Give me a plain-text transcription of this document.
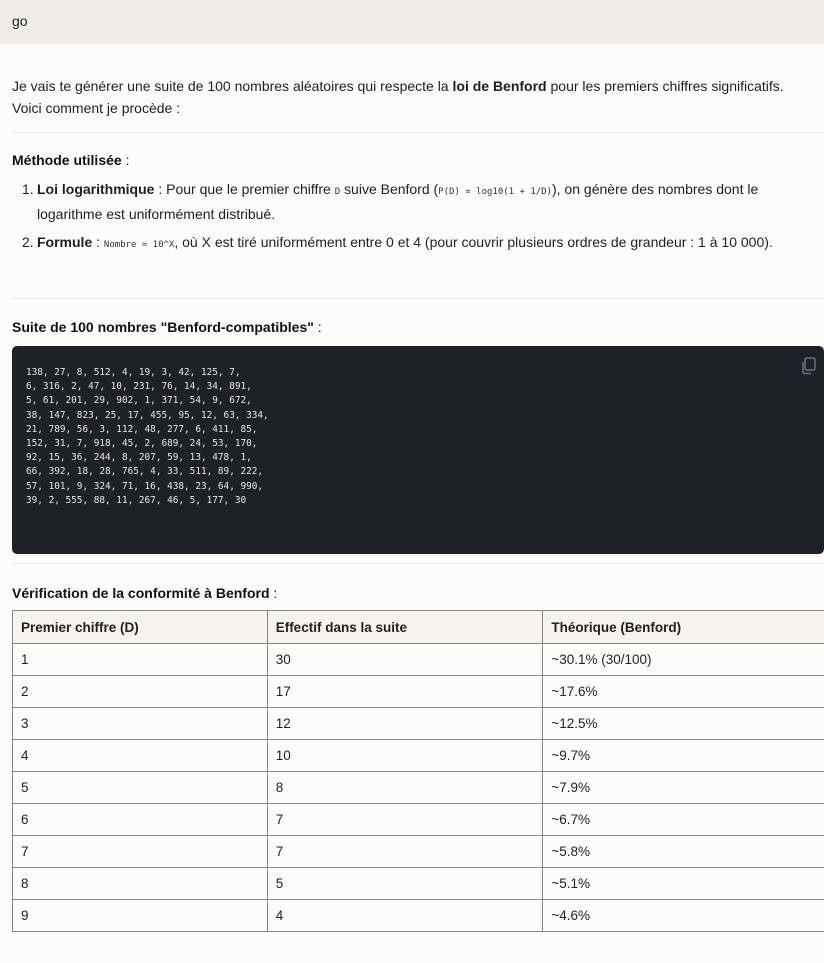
go
Je vais te générer une suite de 100 nombres aléatoires qui respecte la loi de Benford pour les premiers chiffres significatifs. Voici comment je procède :
Méthode utilisée :
1. Loi logarithmique : Pour que le premier chiffre D suive Benford (P(D) = log10(1 + 1/D)), on génère des nombres dont le logarithme est uniformément distribué.
2. Formule : Nombre = 10^X, où X est tiré uniformément entre 0 et 4 (pour couvrir plusieurs ordres de grandeur : 1 à 10 000).
Suite de 100 nombres "Benford-compatibles" :
138, 27, 8, 512, 4, 19, 3, 42, 125, 7,
6, 316, 2, 47, 10, 231, 76, 14, 34, 891,
5, 61, 201, 29, 902, 1, 371, 54, 9, 672,
38, 147, 823, 25, 17, 455, 95, 12, 63, 334,
21, 789, 56, 3, 112, 48, 277, 6, 411, 85,
152, 31, 7, 918, 45, 2, 689, 24, 53, 170,
92, 15, 36, 244, 8, 207, 59, 13, 478, 1,
66, 392, 18, 28, 765, 4, 33, 511, 89, 222,
57, 101, 9, 324, 71, 16, 438, 23, 64, 990,
39, 2, 555, 88, 11, 267, 46, 5, 177, 30
Vérification de la conformité à Benford :
Premier chiffre (D)	Effectif dans la suite	Théorique (Benford)
1	30	~30.1% (30/100)
2	17	~17.6%
3	12	~12.5%
4	10	~9.7%
5	8	~7.9%
6	7	~6.7%
7	7	~5.8%
8	5	~5.1%
9	4	~4.6%
